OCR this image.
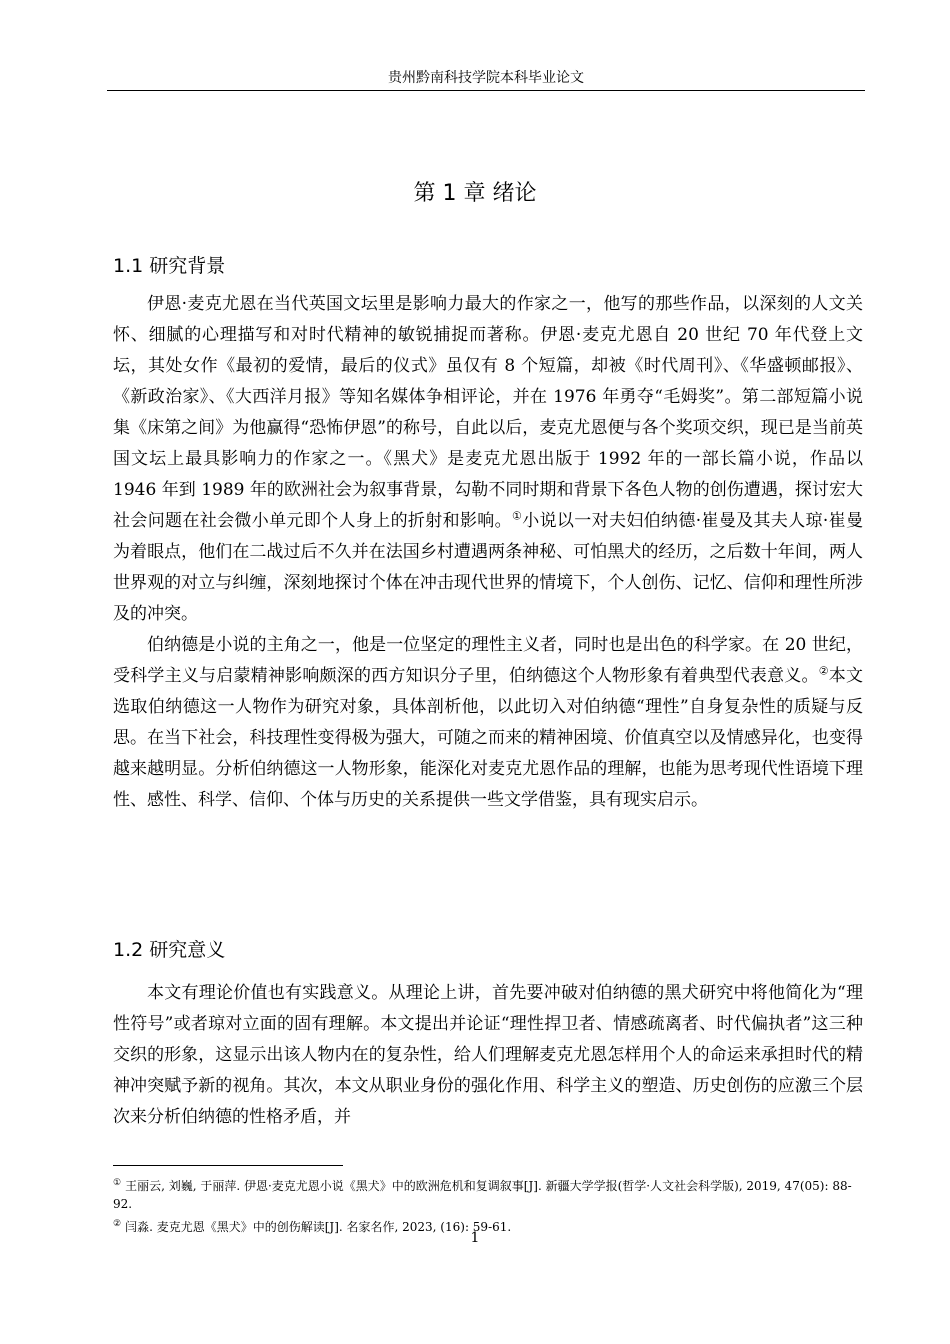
贵州黔南科技学院本科毕业论文
第 1 章 绪论
1.1 研究背景

伊恩·麦克尤恩在当代英国文坛里是影响力最大的作家之一，他写的那些作品，以深刻的人文关怀、细腻的心理描写和对时代精神的敏锐捕捉而著称。伊恩·麦克尤恩自 20 世纪 70 年代登上文坛，其处女作《最初的爱情，最后的仪式》虽仅有 8 个短篇，却被《时代周刊》、《华盛顿邮报》、《新政治家》、《大西洋月报》等知名媒体争相评论，并在 1976 年勇夺“毛姆奖”。第二部短篇小说集《床第之间》为他赢得“恐怖伊恩”的称号，自此以后，麦克尤恩便与各个奖项交织，现已是当前英国文坛上最具影响力的作家之一。《黑犬》是麦克尤恩出版于 1992 年的一部长篇小说，作品以 1946 年到 1989 年的欧洲社会为叙事背景，勾勒不同时期和背景下各色人物的创伤遭遇，探讨宏大社会问题在社会微小单元即个人身上的折射和影响。①小说以一对夫妇伯纳德·崔曼及其夫人琼·崔曼为着眼点，他们在二战过后不久并在法国乡村遭遇两条神秘、可怕黑犬的经历，之后数十年间，两人世界观的对立与纠缠，深刻地探讨个体在冲击现代世界的情境下，个人创伤、记忆、信仰和理性所涉及的冲突。

伯纳德是小说的主角之一，他是一位坚定的理性主义者，同时也是出色的科学家。在 20 世纪，受科学主义与启蒙精神影响颇深的西方知识分子里，伯纳德这个人物形象有着典型代表意义。②本文选取伯纳德这一人物作为研究对象，具体剖析他，以此切入对伯纳德“理性”自身复杂性的质疑与反思。在当下社会，科技理性变得极为强大，可随之而来的精神困境、价值真空以及情感异化，也变得越来越明显。分析伯纳德这一人物形象，能深化对麦克尤恩作品的理解，也能为思考现代性语境下理性、感性、科学、信仰、个体与历史的关系提供一些文学借鉴，具有现实启示。

1.2 研究意义

本文有理论价值也有实践意义。从理论上讲，首先要冲破对伯纳德的黑犬研究中将他简化为“理性符号”或者琼对立面的固有理解。本文提出并论证“理性捍卫者、情感疏离者、时代偏执者”这三种交织的形象，这显示出该人物内在的复杂性，给人们理解麦克尤恩怎样用个人的命运来承担时代的精神冲突赋予新的视角。其次，本文从职业身份的强化作用、科学主义的塑造、历史创伤的应激三个层次来分析伯纳德的性格矛盾，并

① 王丽云, 刘巍, 于丽萍. 伊恩·麦克尤恩小说《黑犬》中的欧洲危机和复调叙事[J]. 新疆大学学报(哲学·人文社会科学版), 2019, 47(05): 88-92.
② 闫淼. 麦克尤恩《黑犬》中的创伤解读[J]. 名家名作, 2023, (16): 59-61.
1
